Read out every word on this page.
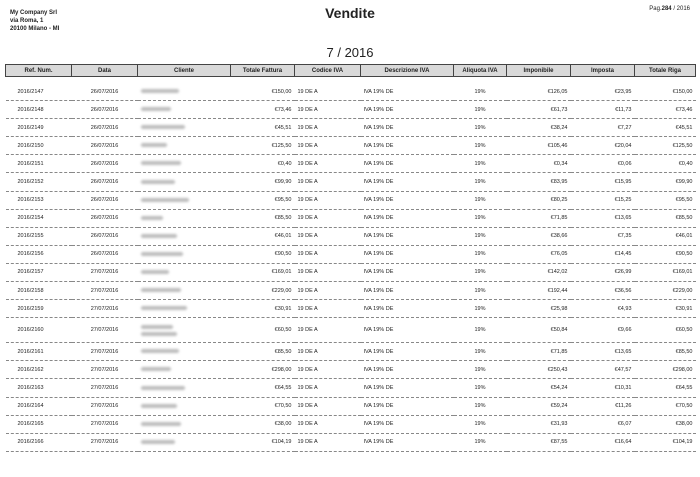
My Company Srl
via Roma, 1
20100 Milano - MI
Vendite	Pag.284 / 2016
7 / 2016
Ref. Num.	Data	Cliente	Totale Fattura	Codice IVA	Descrizione IVA	Aliquota IVA	Imponibile	Imposta	Totale Riga

2016/2147	26/07/2016		€150,00	19 DE A	IVA 19% DE	19%	€126,05	€23,95	€150,00
2016/2148	26/07/2016		€73,46	19 DE A	IVA 19% DE	19%	€61,73	€11,73	€73,46
2016/2149	26/07/2016		€45,51	19 DE A	IVA 19% DE	19%	€38,24	€7,27	€45,51
2016/2150	26/07/2016		€125,50	19 DE A	IVA 19% DE	19%	€105,46	€20,04	€125,50
2016/2151	26/07/2016		€0,40	19 DE A	IVA 19% DE	19%	€0,34	€0,06	€0,40
2016/2152	26/07/2016		€99,90	19 DE A	IVA 19% DE	19%	€83,95	€15,95	€99,90
2016/2153	26/07/2016		€95,50	19 DE A	IVA 19% DE	19%	€80,25	€15,25	€95,50
2016/2154	26/07/2016		€85,50	19 DE A	IVA 19% DE	19%	€71,85	€13,65	€85,50
2016/2155	26/07/2016		€46,01	19 DE A	IVA 19% DE	19%	€38,66	€7,35	€46,01
2016/2156	26/07/2016		€90,50	19 DE A	IVA 19% DE	19%	€76,05	€14,45	€90,50
2016/2157	27/07/2016		€169,01	19 DE A	IVA 19% DE	19%	€142,02	€26,99	€169,01
2016/2158	27/07/2016		€229,00	19 DE A	IVA 19% DE	19%	€192,44	€36,56	€229,00
2016/2159	27/07/2016		€30,91	19 DE A	IVA 19% DE	19%	€25,98	€4,93	€30,91
2016/2160	27/07/2016		€60,50	19 DE A	IVA 19% DE	19%	€50,84	€9,66	€60,50
2016/2161	27/07/2016		€85,50	19 DE A	IVA 19% DE	19%	€71,85	€13,65	€85,50
2016/2162	27/07/2016		€298,00	19 DE A	IVA 19% DE	19%	€250,43	€47,57	€298,00
2016/2163	27/07/2016		€64,55	19 DE A	IVA 19% DE	19%	€54,24	€10,31	€64,55
2016/2164	27/07/2016		€70,50	19 DE A	IVA 19% DE	19%	€59,24	€11,26	€70,50
2016/2165	27/07/2016		€38,00	19 DE A	IVA 19% DE	19%	€31,93	€6,07	€38,00
2016/2166	27/07/2016		€104,19	19 DE A	IVA 19% DE	19%	€87,55	€16,64	€104,19
